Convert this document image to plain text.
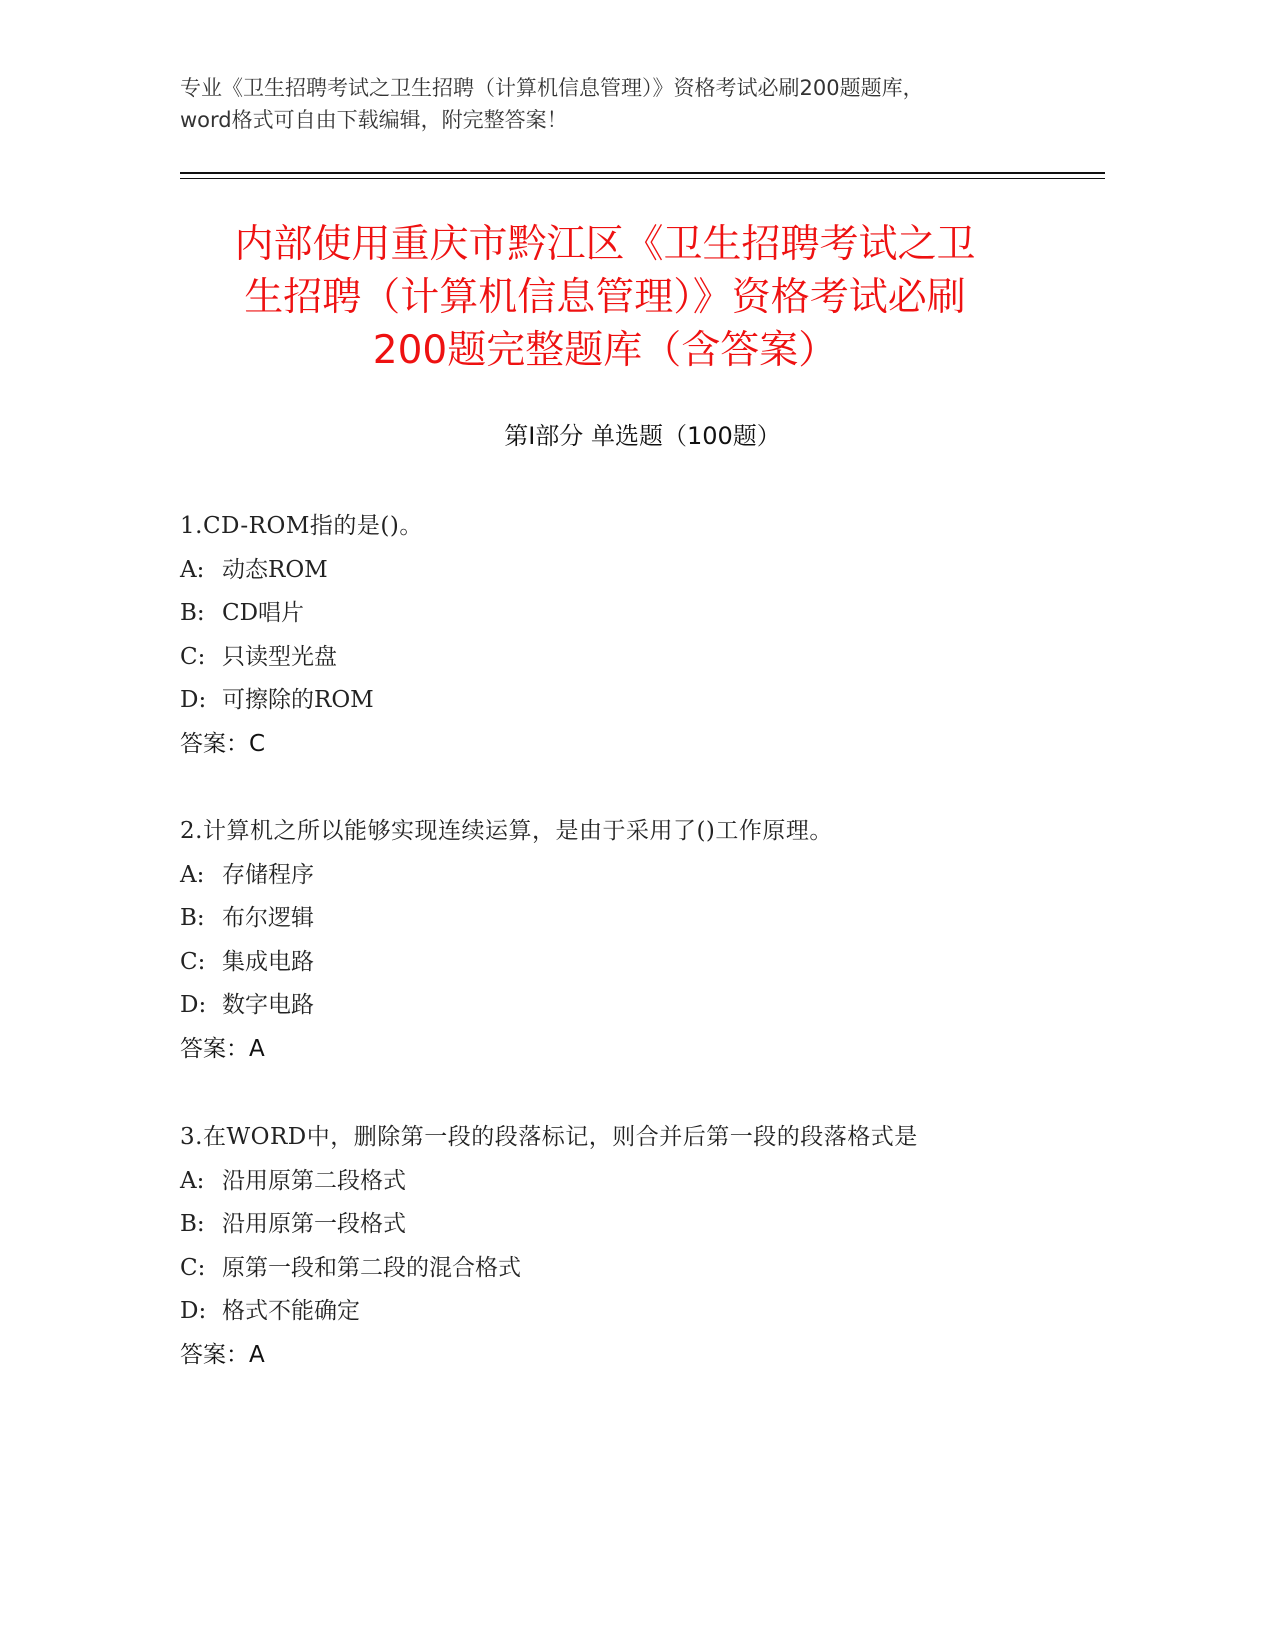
专业《卫生招聘考试之卫生招聘（计算机信息管理）》资格考试必刷200题题库，
word格式可自由下载编辑，附完整答案！
内部使用重庆市黔江区《卫生招聘考试之卫
生招聘（计算机信息管理）》资格考试必刷
200题完整题库（含答案）
第Ⅰ部分 单选题（100题）
1.CD-ROM指的是()。
A: 动态ROM
B: CD唱片
C: 只读型光盘
D: 可擦除的ROM
答案：C
2.计算机之所以能够实现连续运算，是由于采用了()工作原理。
A: 存储程序
B: 布尔逻辑
C: 集成电路
D: 数字电路
答案：A
3.在WORD中，删除第一段的段落标记，则合并后第一段的段落格式是
A: 沿用原第二段格式
B: 沿用原第一段格式
C: 原第一段和第二段的混合格式
D: 格式不能确定
答案：A
